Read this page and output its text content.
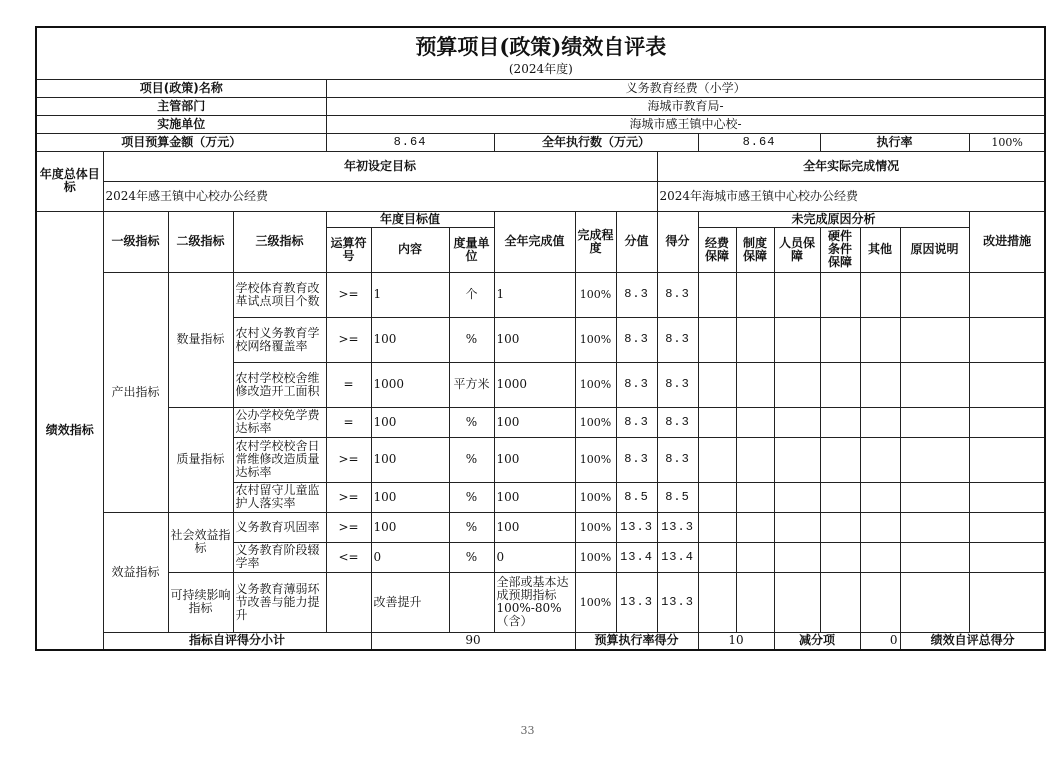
预算项目(政策)绩效自评表																		
(2024年度)																		
项目(政策)名称				义务教育经费（小学）														
主管部门				海城市教育局-														
实施单位				海城市感王镇中心校-														
项目预算金额（万元）				8.64			全年执行数（万元）				8.64			执行率			100%	
年度总体目标	年初设定目标									全年实际完成情况								
	2024年感王镇中心校办公经费									2024年海城市感王镇中心校办公经费								
绩效指标	一级指标	二级指标	三级指标	年度目标值			全年完成值	完成程度	分值	得分	未完成原因分析						改进措施	
				运算符号	内容	度量单位					经费保障	制度保障	人员保障	硬件条件保障	其他	原因说明		
	产出指标	数量指标	学校体育教育改革试点项目个数	>=	1	个	1	100%	8.3	8.3								
			农村义务教育学校网络覆盖率	>=	100	%	100	100%	8.3	8.3								
			农村学校校舍维修改造开工面积	=	1000	平方米	1000	100%	8.3	8.3								
		质量指标	公办学校免学费达标率	=	100	%	100	100%	8.3	8.3								
			农村学校校舍日常维修改造质量达标率	>=	100	%	100	100%	8.3	8.3								
			农村留守儿童监护人落实率	>=	100	%	100	100%	8.5	8.5								
	效益指标	社会效益指标	义务教育巩固率	>=	100	%	100	100%	13.3	13.3								
			义务教育阶段辍学率	<=	0	%	0	100%	13.4	13.4								
		可持续影响指标	义务教育薄弱环节改善与能力提升		改善提升		全部或基本达成预期指标100%-80%（含）	100%	13.3	13.3								
	指标自评得分小计				90			预算执行率得分			10		减分项		0	绩效自评总得分	
33
